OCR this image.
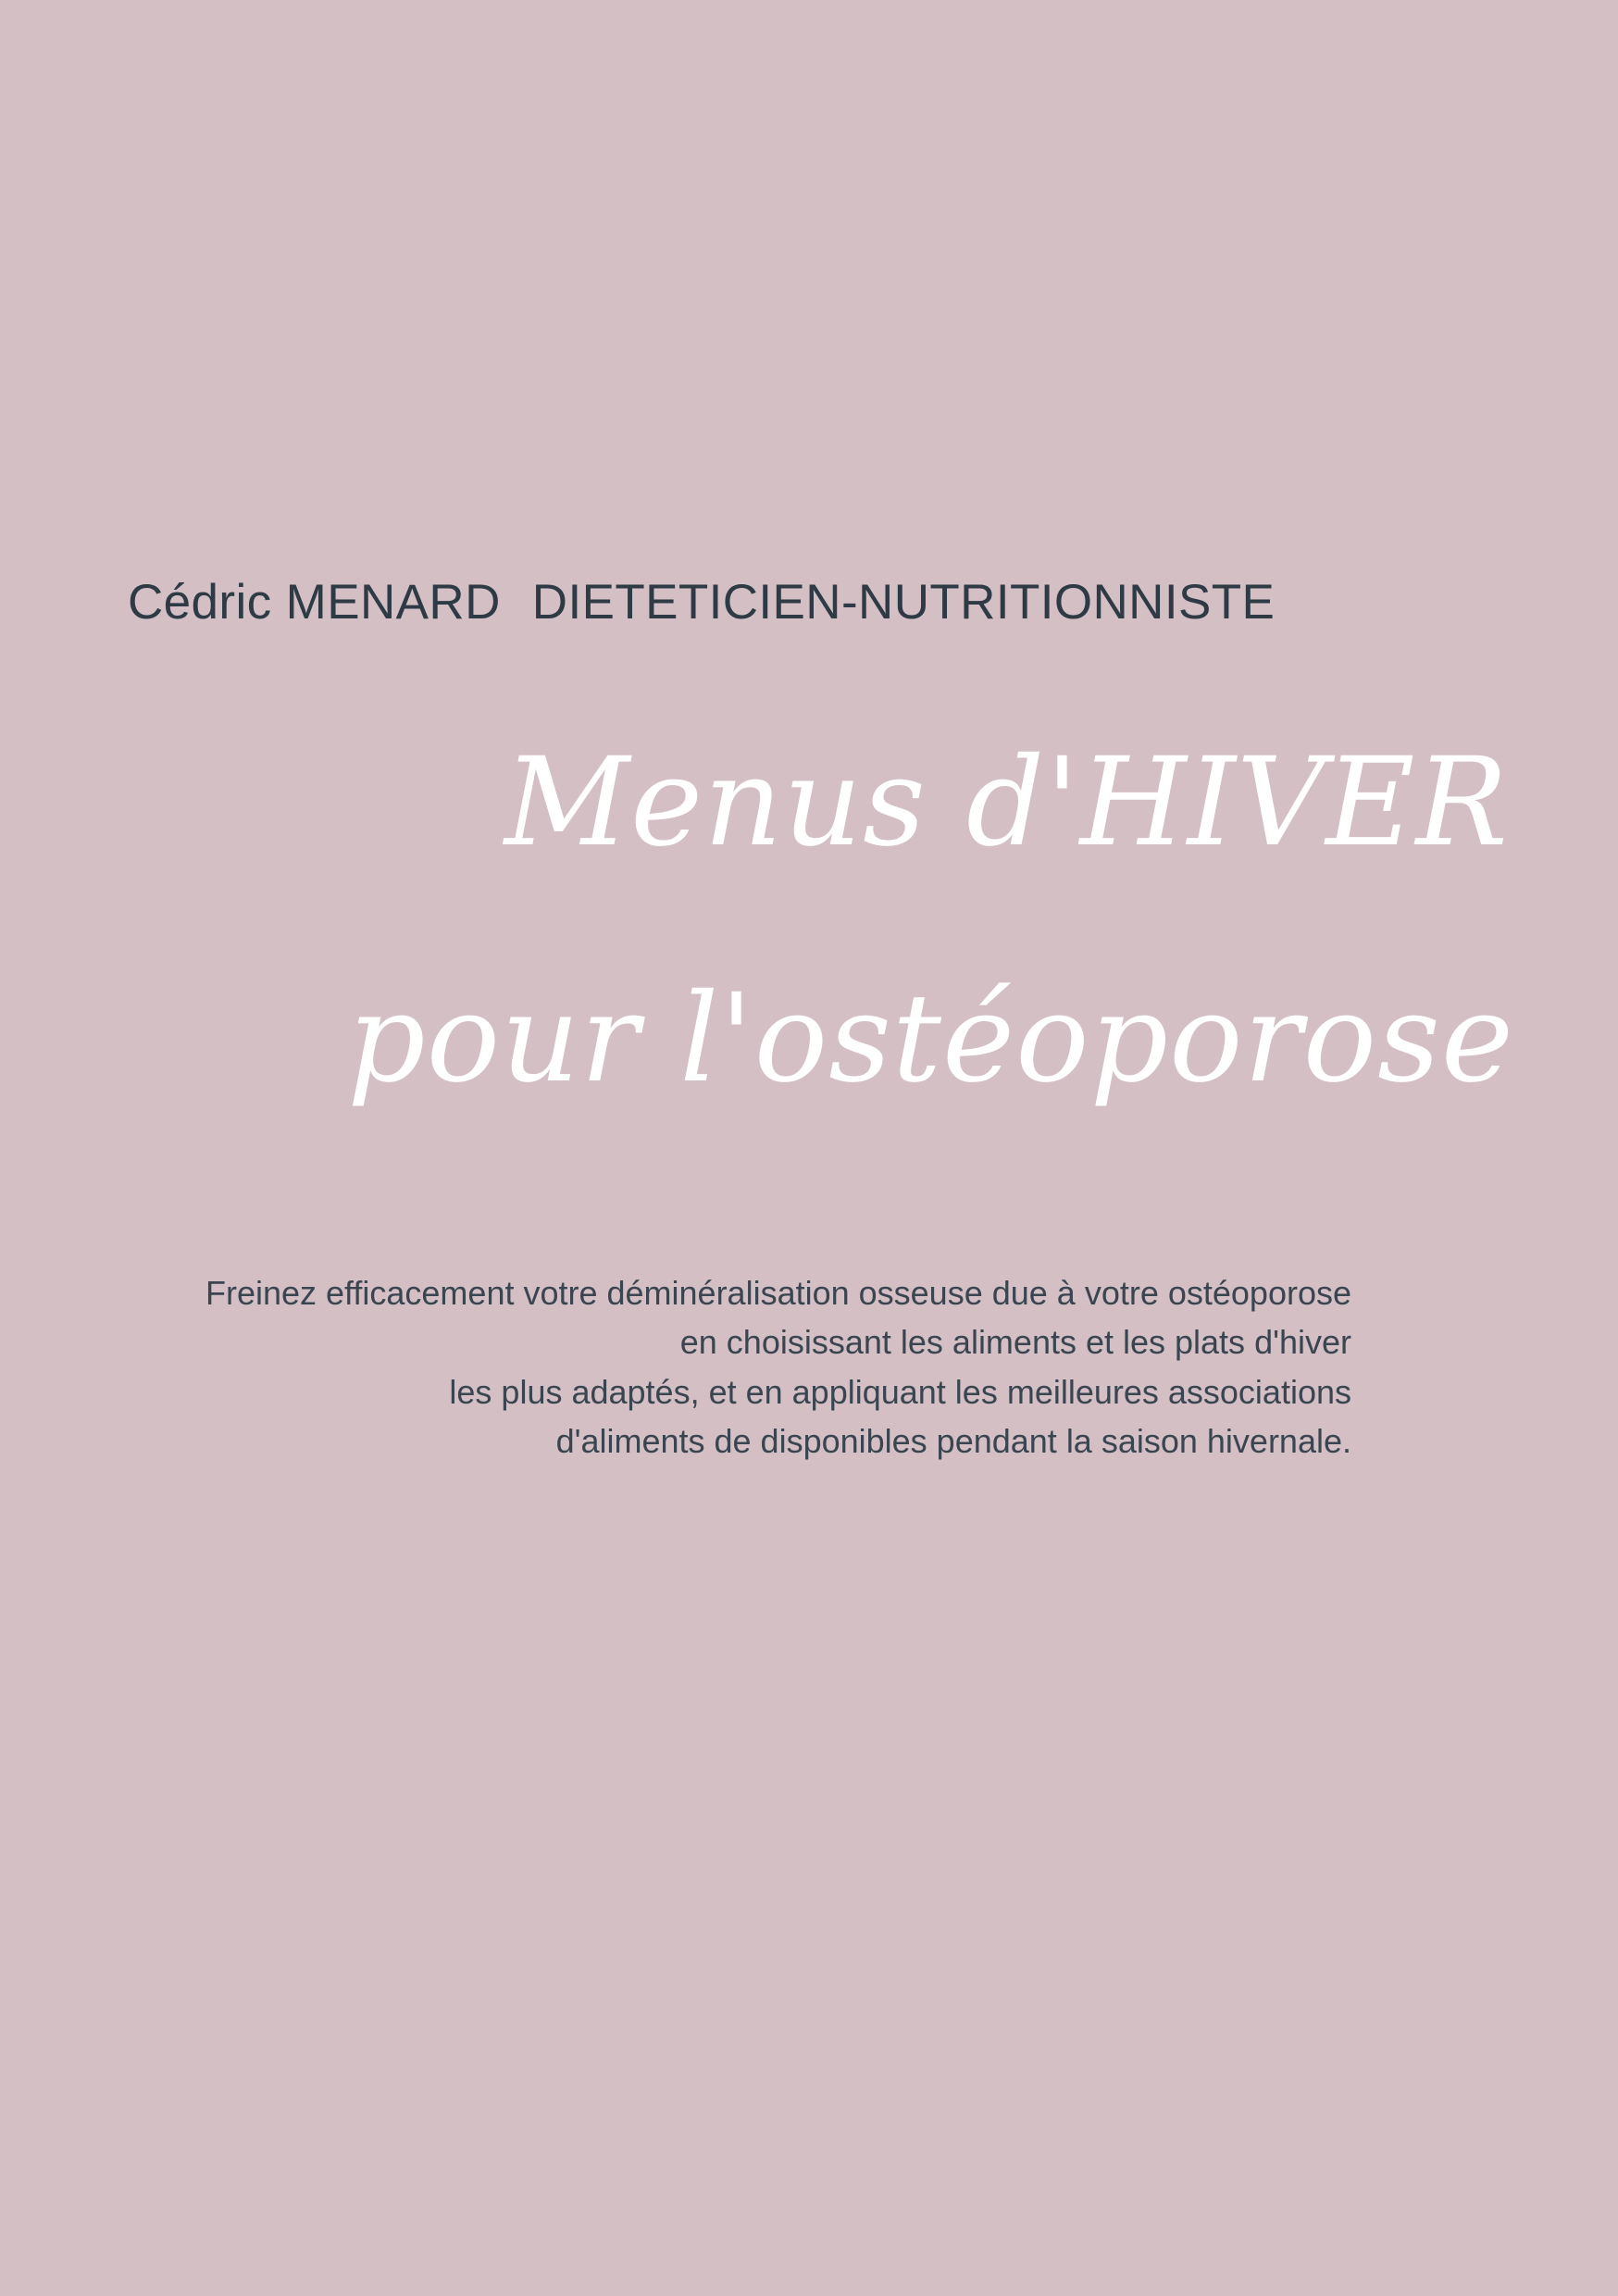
Cédric MENARD DIETETICIEN-NUTRITIONNISTE
Menus d'HIVER
pour l'ostéoporose
Freinez efficacement votre déminéralisation osseuse due à votre ostéoporose
en choisissant les aliments et les plats d'hiver
les plus adaptés, et en appliquant les meilleures associations
d'aliments de disponibles pendant la saison hivernale.
